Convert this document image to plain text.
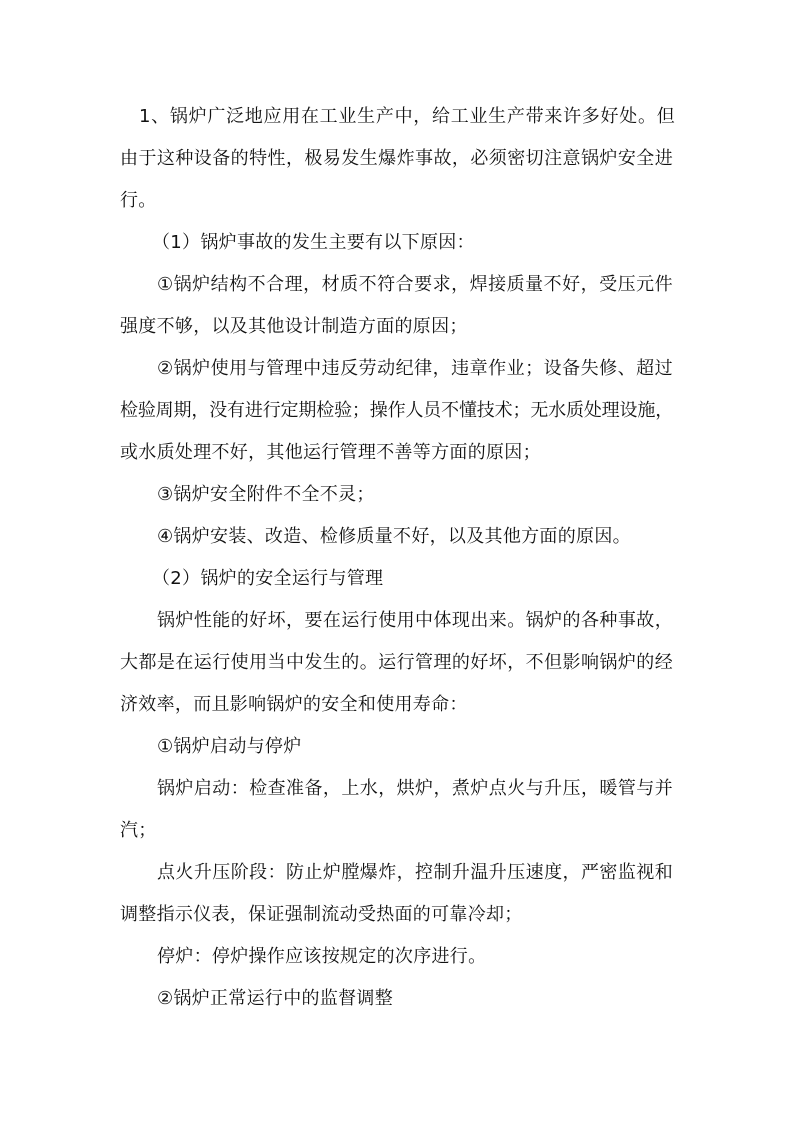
1、锅炉广泛地应用在工业生产中，给工业生产带来许多好处。但
由于这种设备的特性，极易发生爆炸事故，必须密切注意锅炉安全进
行。
（1）锅炉事故的发生主要有以下原因：
①锅炉结构不合理，材质不符合要求，焊接质量不好，受压元件
强度不够，以及其他设计制造方面的原因；
②锅炉使用与管理中违反劳动纪律，违章作业；设备失修、超过
检验周期，没有进行定期检验；操作人员不懂技术；无水质处理设施，
或水质处理不好，其他运行管理不善等方面的原因；
③锅炉安全附件不全不灵；
④锅炉安装、改造、检修质量不好，以及其他方面的原因。
（2）锅炉的安全运行与管理
锅炉性能的好坏，要在运行使用中体现出来。锅炉的各种事故，
大都是在运行使用当中发生的。运行管理的好坏，不但影响锅炉的经
济效率，而且影响锅炉的安全和使用寿命：
①锅炉启动与停炉
锅炉启动：检查准备，上水，烘炉，煮炉点火与升压，暖管与并
汽；
点火升压阶段：防止炉膛爆炸，控制升温升压速度，严密监视和
调整指示仪表，保证强制流动受热面的可靠冷却；
停炉：停炉操作应该按规定的次序进行。
②锅炉正常运行中的监督调整
